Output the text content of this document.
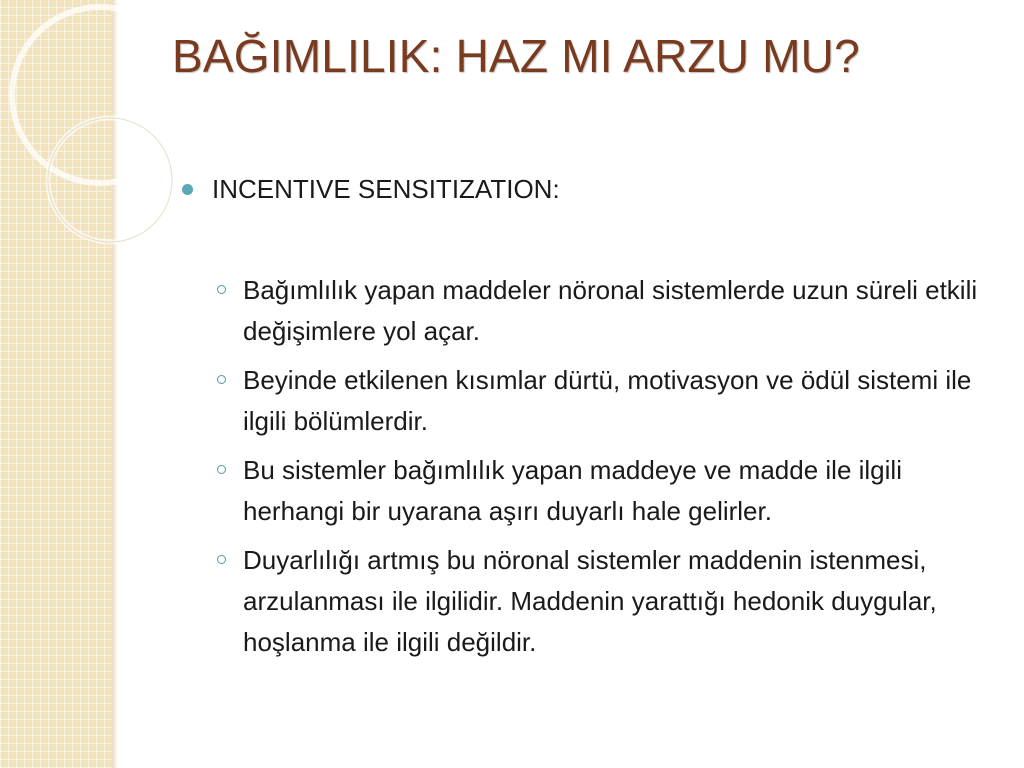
BAĞIMLILIK: HAZ MI ARZU MU?
INCENTIVE SENSITIZATION:
Bağımlılık yapan maddeler nöronal sistemlerde uzun süreli etkili değişimlere yol açar.
Beyinde etkilenen kısımlar dürtü, motivasyon ve ödül sistemi ile ilgili bölümlerdir.
Bu sistemler bağımlılık yapan maddeye ve madde ile ilgili herhangi bir uyarana aşırı duyarlı hale gelirler.
Duyarlılığı artmış bu nöronal sistemler maddenin istenmesi, arzulanması ile ilgilidir. Maddenin yarattığı hedonik duygular, hoşlanma ile ilgili değildir.
